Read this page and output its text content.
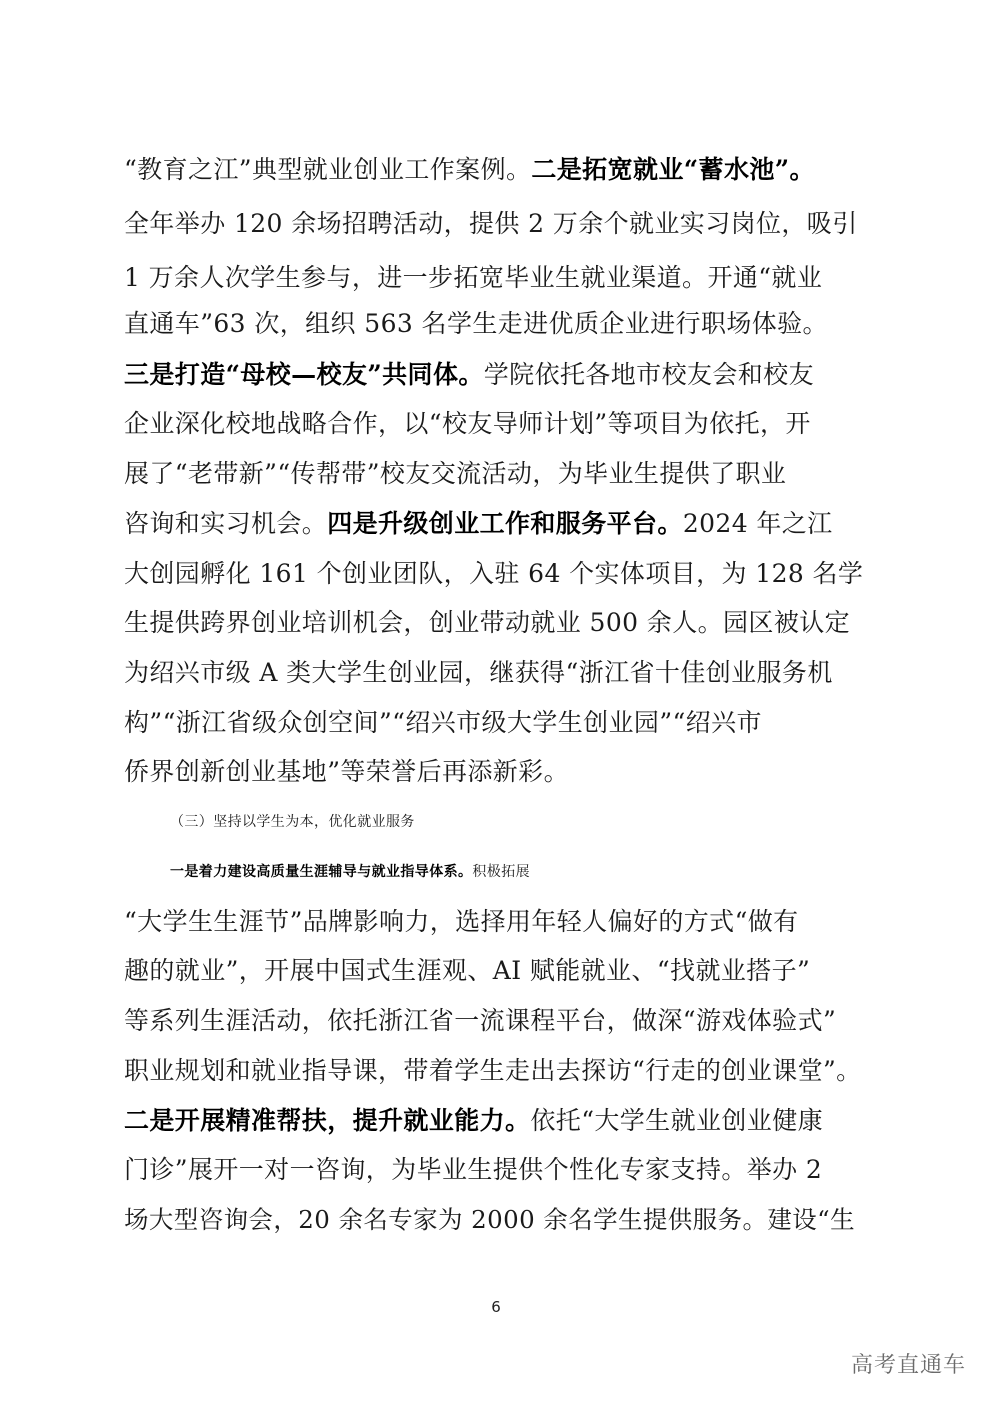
“教育之江”典型就业创业工作案例。二是拓宽就业“蓄水池”。
全年举办 120 余场招聘活动，提供 2 万余个就业实习岗位，吸引
1 万余人次学生参与，进一步拓宽毕业生就业渠道。开通“就业
直通车”63 次，组织 563 名学生走进优质企业进行职场体验。
三是打造“母校—校友”共同体。学院依托各地市校友会和校友
企业深化校地战略合作，以“校友导师计划”等项目为依托，开
展了“老带新”“传帮带”校友交流活动，为毕业生提供了职业
咨询和实习机会。四是升级创业工作和服务平台。2024 年之江
大创园孵化 161 个创业团队，入驻 64 个实体项目，为 128 名学
生提供跨界创业培训机会，创业带动就业 500 余人。园区被认定
为绍兴市级 A 类大学生创业园，继获得“浙江省十佳创业服务机
构”“浙江省级众创空间”“绍兴市级大学生创业园”“绍兴市
侨界创新创业基地”等荣誉后再添新彩。
（三）坚持以学生为本，优化就业服务
一是着力建设高质量生涯辅导与就业指导体系。积极拓展
“大学生生涯节”品牌影响力，选择用年轻人偏好的方式“做有
趣的就业”，开展中国式生涯观、AI 赋能就业、“找就业搭子”
等系列生涯活动，依托浙江省一流课程平台，做深“游戏体验式”
职业规划和就业指导课，带着学生走出去探访“行走的创业课堂”。
二是开展精准帮扶，提升就业能力。依托“大学生就业创业健康
门诊”展开一对一咨询，为毕业生提供个性化专家支持。举办 2
场大型咨询会，20 余名专家为 2000 余名学生提供服务。建设“生
6
高考直通车
